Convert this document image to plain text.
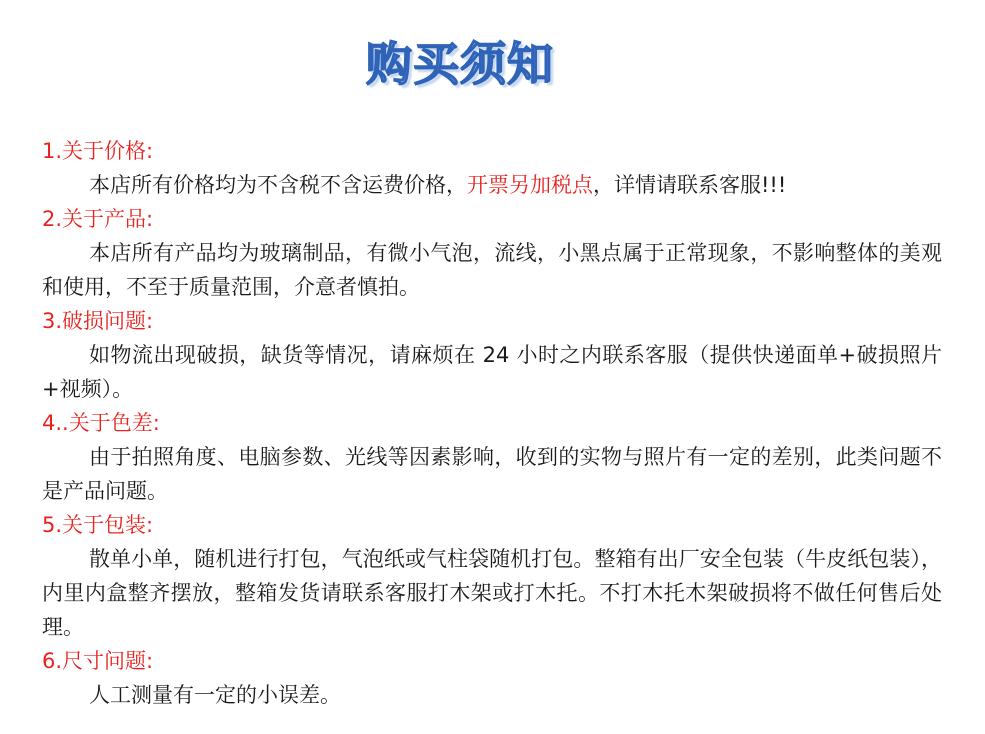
购买须知
1.关于价格:
本店所有价格均为不含税不含运费价格，开票另加税点，详情请联系客服!!!
2.关于产品:
本店所有产品均为玻璃制品，有微小气泡，流线，小黑点属于正常现象，不影响整体的美观和使用，不至于质量范围，介意者慎拍。
3.破损问题:
如物流出现破损，缺货等情况，请麻烦在 24 小时之内联系客服（提供快递面单+破损照片+视频）。
4..关于色差:
由于拍照角度、电脑参数、光线等因素影响，收到的实物与照片有一定的差别，此类问题不是产品问题。
5.关于包装:
散单小单，随机进行打包，气泡纸或气柱袋随机打包。整箱有出厂安全包装（牛皮纸包装），内里内盒整齐摆放，整箱发货请联系客服打木架或打木托。不打木托木架破损将不做任何售后处理。
6.尺寸问题:
人工测量有一定的小误差。
